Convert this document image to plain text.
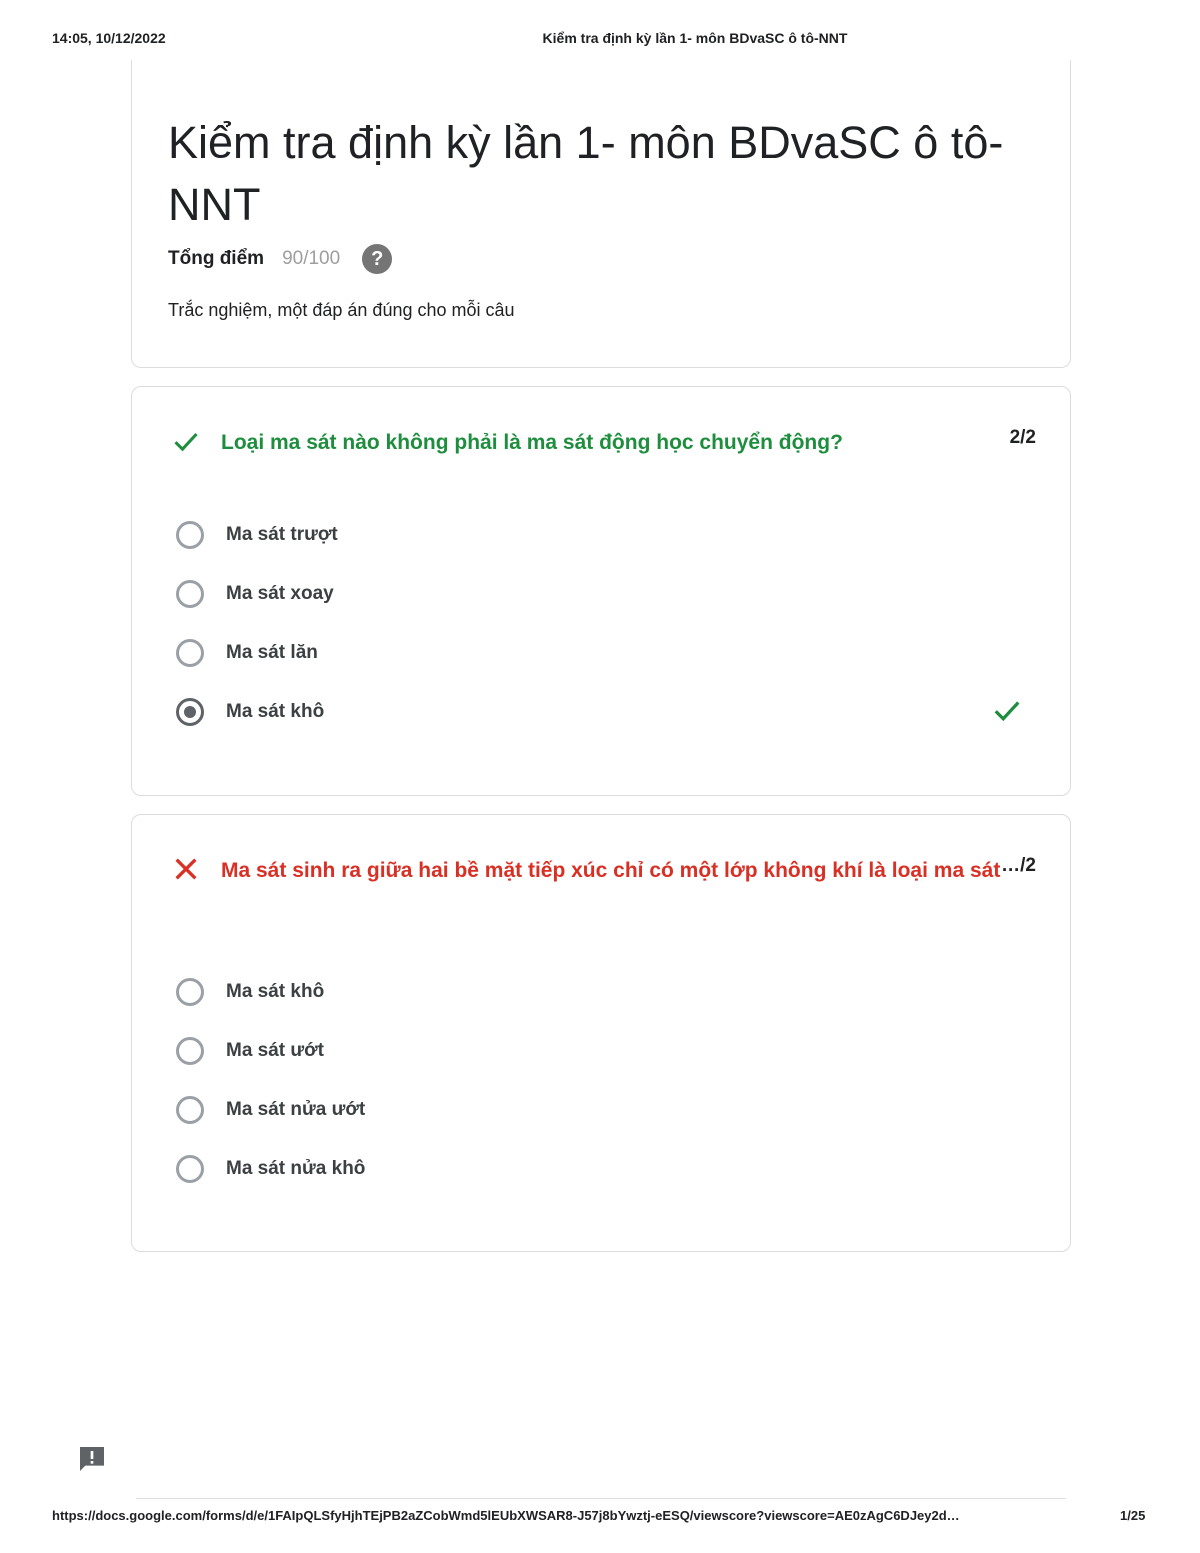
14:05, 10/12/2022	Kiểm tra định kỳ lần 1- môn BDvaSC ô tô-NNT
Kiểm tra định kỳ lần 1- môn BDvaSC ô tô-NNT
Tổng điểm 90/100	?
Trắc nghiệm, một đáp án đúng cho mỗi câu
Loại ma sát nào không phải là ma sát động học chuyển động?	2/2
Ma sát trượt
Ma sát xoay
Ma sát lăn
Ma sát khô
Ma sát sinh ra giữa hai bề mặt tiếp xúc chỉ có một lớp không khí là loại ma sát …/2
Ma sát khô
Ma sát ướt
Ma sát nửa ướt
Ma sát nửa khô
https://docs.google.com/forms/d/e/1FAIpQLSfyHjhTEjPB2aZCobWmd5lEUbXWSAR8-J57j8bYwztj-eESQ/viewscore?viewscore=AE0zAgC6DJey2d…	1/25
